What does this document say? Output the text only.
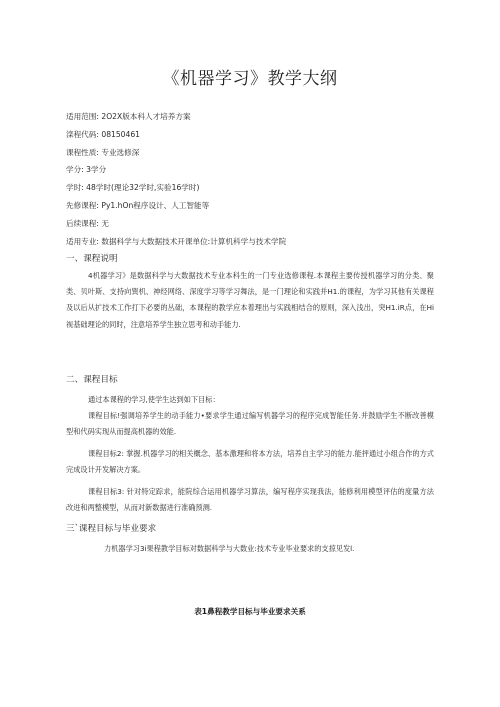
《机器学习》教学大纲
适用范围: 2O2X版本科人才培养方案
滦程代码: 08150461
课程性质: 专业选修深
学分: 3学分
学时: 48学时(理论32学时,实验16学时)
先修课程: Py1.hOn程序设计、人工智能等
后续课程: 无
适用专业: 数据科学与大数据技术开课单位:计算机科学与技术学院
一、课程说明
4机器学习》是数据科学与大数据技术专业本科生的一门专业选修课程.本课程主要传授机器学习的分类、聚类、贝叶斯、支持向巽机、神经网络、深度学习等学习舞法，是一门理论和实践并H1.的课程，为学习其他有关课程及以后从扩技术工作打下必要的丛础，本课程的教学应本着理出与实践相结合的原则，深入浅出，突H1.iR点，在Hi视基础理论的同时，注意培养学生独立思考和动手能力.
二、课程目标
通过本课程的学习,使学生达到如下目标：
课程目标!强调培养学生的动手能力•要求学生通过编写机器学习的程序完成智能任务.并鼓励学生不断改善模型和代码实现从而提高机器的效能.
课程目标2: 掌握.机器学习的相关概念、基本激理和将本方法，培养自主学习的能力.能抨通过小组合作的方式完成设计开发解决方案。
课程目标3: 针对特定踪求，能院综合运用机器学习算法，编写程序实现我法，能修利用模型评估的度量方法改进和两整模型，从而对新数据进行准确预测.
三`课程目标与毕业要求
力机器学习3i果程教学目标对数据科学与大数业:技术专业毕业要求的支掠见发l.
表1鼻程教学目标与毕业要求关系
